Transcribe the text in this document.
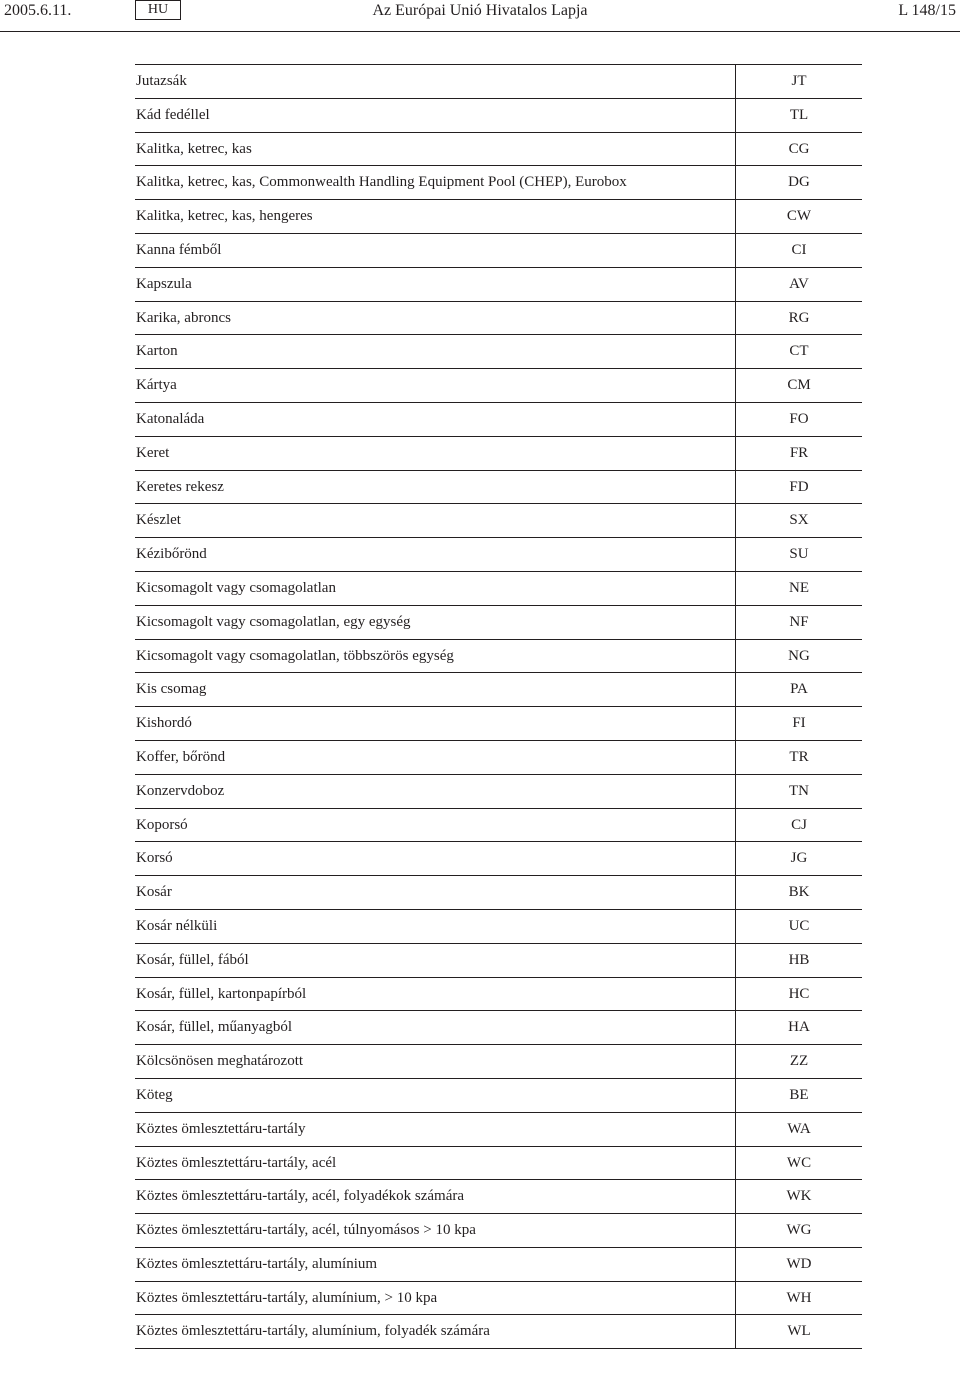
2005.6.11.	HU	Az Európai Unió Hivatalos Lapja	L 148/15
Jutazsák	JT
Kád fedéllel	TL
Kalitka, ketrec, kas	CG
Kalitka, ketrec, kas, Commonwealth Handling Equipment Pool (CHEP), Eurobox	DG
Kalitka, ketrec, kas, hengeres	CW
Kanna fémből	CI
Kapszula	AV
Karika, abroncs	RG
Karton	CT
Kártya	CM
Katonaláda	FO
Keret	FR
Keretes rekesz	FD
Készlet	SX
Kézibőrönd	SU
Kicsomagolt vagy csomagolatlan	NE
Kicsomagolt vagy csomagolatlan, egy egység	NF
Kicsomagolt vagy csomagolatlan, többszörös egység	NG
Kis csomag	PA
Kishordó	FI
Koffer, bőrönd	TR
Konzervdoboz	TN
Koporsó	CJ
Korsó	JG
Kosár	BK
Kosár nélküli	UC
Kosár, füllel, fából	HB
Kosár, füllel, kartonpapírból	HC
Kosár, füllel, műanyagból	HA
Kölcsönösen meghatározott	ZZ
Köteg	BE
Köztes ömlesztettáru-tartály	WA
Köztes ömlesztettáru-tartály, acél	WC
Köztes ömlesztettáru-tartály, acél, folyadékok számára	WK
Köztes ömlesztettáru-tartály, acél, túlnyomásos > 10 kpa	WG
Köztes ömlesztettáru-tartály, alumínium	WD
Köztes ömlesztettáru-tartály, alumínium, > 10 kpa	WH
Köztes ömlesztettáru-tartály, alumínium, folyadék számára	WL
